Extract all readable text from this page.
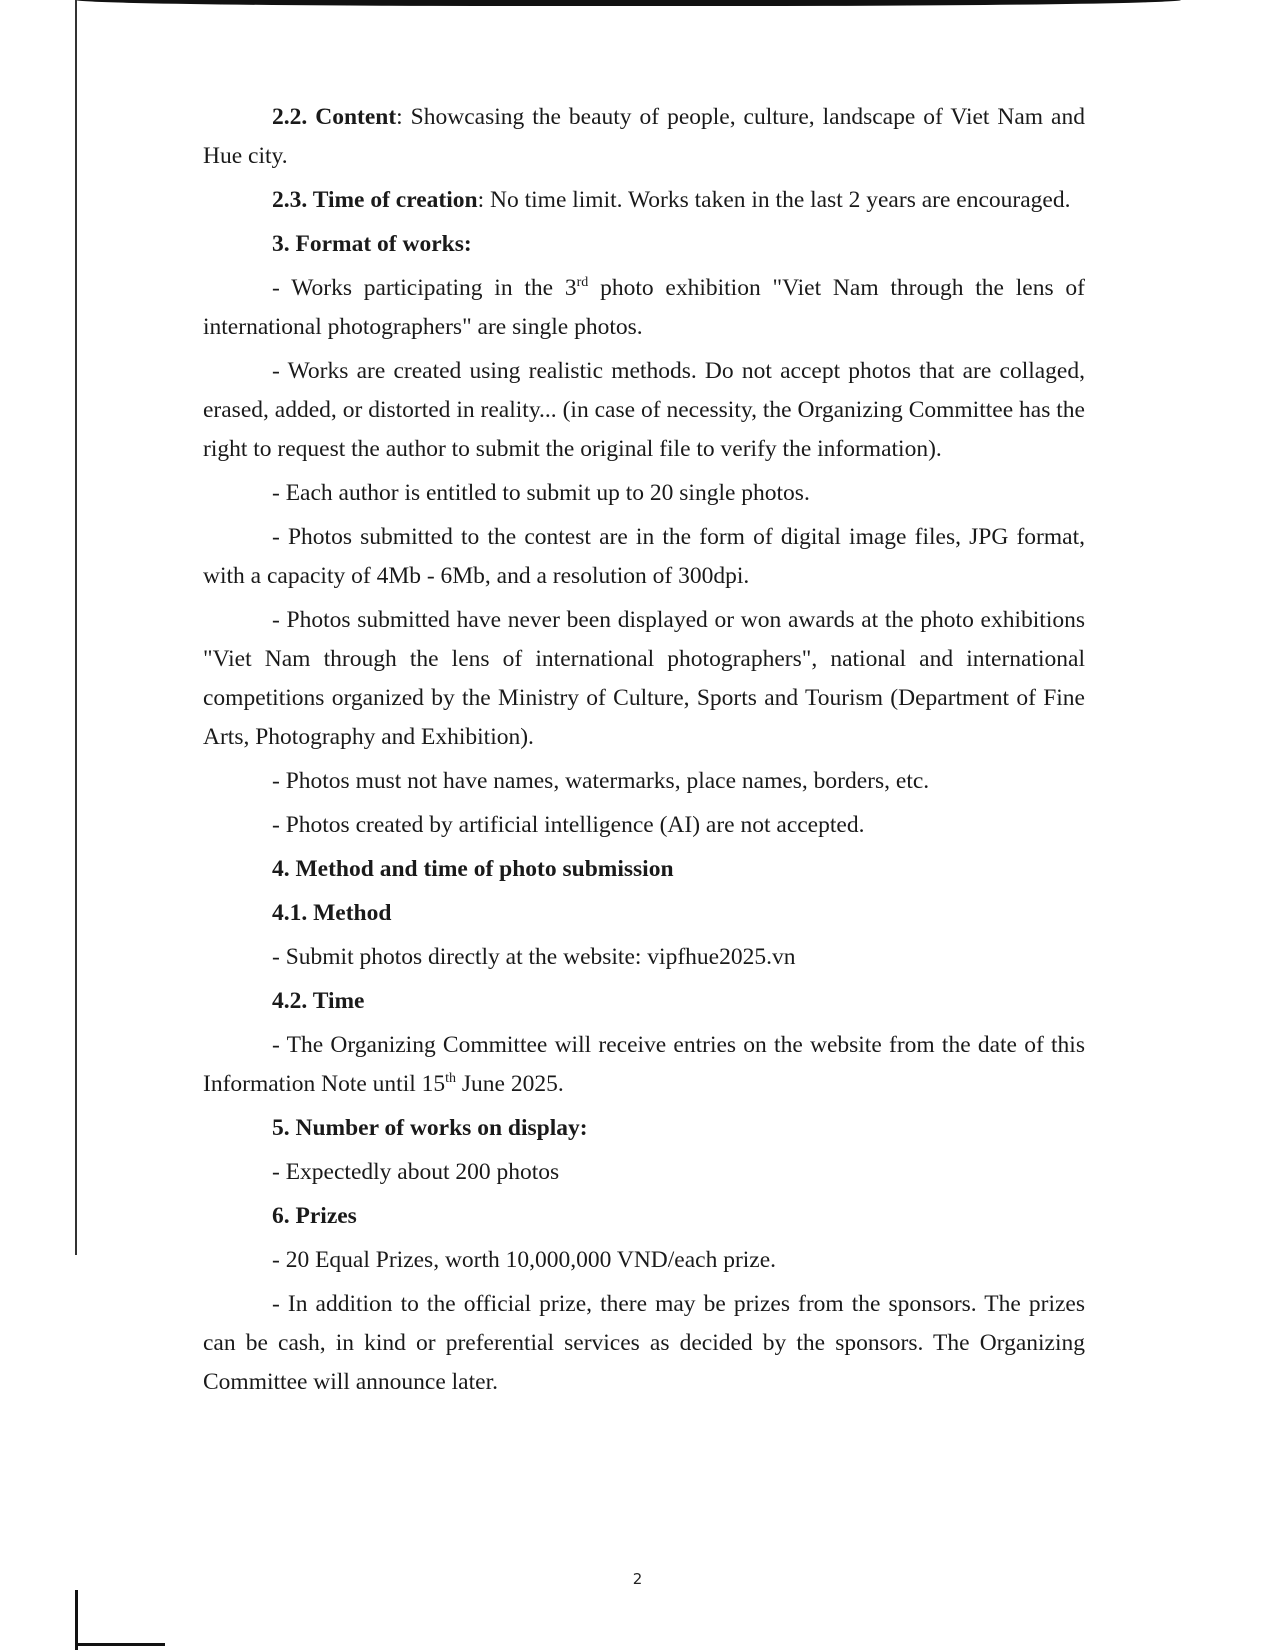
2.2. Content: Showcasing the beauty of people, culture, landscape of Viet Nam and Hue city.

2.3. Time of creation: No time limit. Works taken in the last 2 years are encouraged.

3. Format of works:

- Works participating in the 3rd photo exhibition "Viet Nam through the lens of international photographers" are single photos.

- Works are created using realistic methods. Do not accept photos that are collaged, erased, added, or distorted in reality... (in case of necessity, the Organizing Committee has the right to request the author to submit the original file to verify the information).

- Each author is entitled to submit up to 20 single photos.

- Photos submitted to the contest are in the form of digital image files, JPG format, with a capacity of 4Mb - 6Mb, and a resolution of 300dpi.

- Photos submitted have never been displayed or won awards at the photo exhibitions "Viet Nam through the lens of international photographers", national and international competitions organized by the Ministry of Culture, Sports and Tourism (Department of Fine Arts, Photography and Exhibition).

- Photos must not have names, watermarks, place names, borders, etc.

- Photos created by artificial intelligence (AI) are not accepted.

4. Method and time of photo submission

4.1. Method

- Submit photos directly at the website: vipfhue2025.vn

4.2. Time

- The Organizing Committee will receive entries on the website from the date of this Information Note until 15th June 2025.

5. Number of works on display:

- Expectedly about 200 photos

6. Prizes

- 20 Equal Prizes, worth 10,000,000 VND/each prize.

- In addition to the official prize, there may be prizes from the sponsors. The prizes can be cash, in kind or preferential services as decided by the sponsors. The Organizing Committee will announce later.

2
